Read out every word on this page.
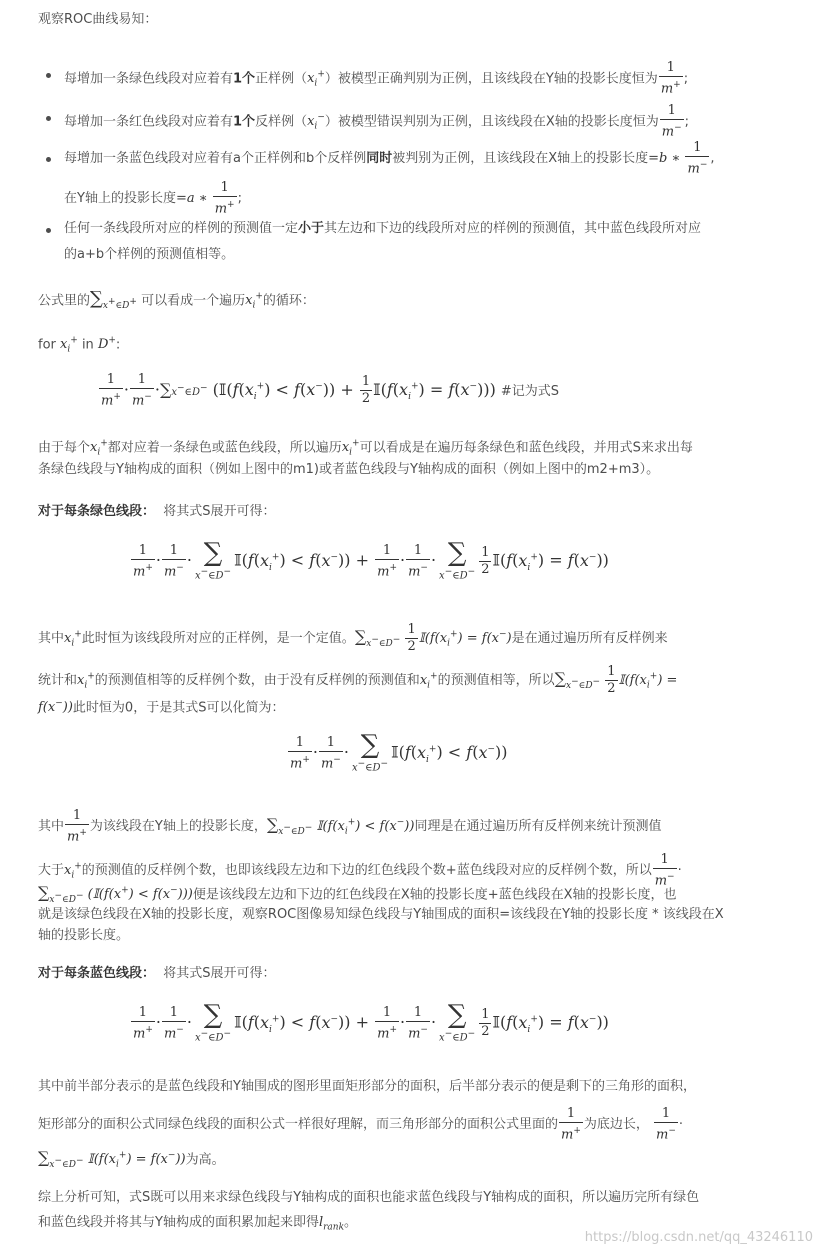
观察ROC曲线易知：
每增加一条绿色线段对应着有1个正样例$(x_i^+)$被模型正确判别为正例，且该线段在Y轴的投影长度恒为 $\frac{1}{m^+}$ ;
每增加一条红色线段对应着有1个反样例$(x_i^-)$被模型错误判别为正例，且该线段在X轴的投影长度恒为 $\frac{1}{m^-}$ ;
每增加一条蓝色线段对应着有a个正样例和b个反样例同时被判别为正例，且该线段在X轴上的投影长度=b ∗ $\frac{1}{m^-}$ ,
在Y轴上的投影长度=a ∗ $\frac{1}{m^+}$ ;
任何一条线段所对应的样例的预测值一定小于其左边和下边的线段所对应的样例的预测值，其中蓝色线段所对应
的a+b个样例的预测值相等。
公式里的$\sum_{x^+\in D^+}$ 可以看成一个遍历$x_i^+$的循环：
for $x_i^+$ in D+:
$\frac{1}{m^+} \cdot \frac{1}{m^-}$ ·∑x−∈D− ($𝕀(f(x_i^+) < f(x^-)) + \frac{1}{2}$ $𝕀(f(x_i^+) = f(x^-))$) #记为式S
由于每个$x_i^+$都对应着一条绿色或蓝色线段，所以遍历$x_i^+$可以看成是在遍历每条绿色和蓝色线段，并用式S来求出每
条绿色线段与Y轴构成的面积（例如上图中的m1)或者蓝色线段与Y轴构成的面积（例如上图中的m2+m3）。
对于每条绿色线段： 将其式S展开可得：
$\frac{1}{m^+} \cdot \frac{1}{m^-}$ · ∑
x−∈D−
$𝕀(f(x_i^+) < f(x^-)) + \frac{1}{m^+} \cdot \frac{1}{m^-}$ · ∑
x−∈D− $\frac{1}{2}$ $𝕀(f(x_i^+) = f(x^-))$
其中$x_i^+$此时恒为该线段所对应的正样例，是一个定值。$\sum_{x^-\in D^-} \frac{1}{2}$ $𝕀(f(x_i^+) = f(x^-)$是在通过遍历所有反样例来
统计和$x_i^+$的预测值相等的反样例个数，由于没有反样例的预测值和$x_i^+$的预测值相等，所以$\sum_{x^-\in D^-} \frac{1}{2}$ $𝕀(f(x_i^+)$ =
f(x−))此时恒为0，于是其式S可以化简为：
$\frac{1}{m^+} \cdot \frac{1}{m^-}$ · ∑
x−∈D−
$𝕀(f(x_i^+) < f(x^-))$
其中 $\frac{1}{m^+}$ 为该线段在Y轴上的投影长度，$\sum_{x^-\in D^-}$ $𝕀(f(x_i^+) < f(x^-))$同理是在通过遍历所有反样例来统计预测值
大于$x_i^+$的预测值的反样例个数，也即该线段左边和下边的红色线段个数+蓝色线段对应的反样例个数，所以 $\frac{1}{m^-}$ ·
$\sum_{x^-\in D^-}$ (𝕀(f(x+) < f(x−)))便是该线段左边和下边的红色线段在X轴的投影长度+蓝色线段在X轴的投影长度，也
就是该绿色线段在X轴的投影长度，观察ROC图像易知绿色线段与Y轴围成的面积=该线段在Y轴的投影长度 * 该线段在X
轴的投影长度。
对于每条蓝色线段： 将其式S展开可得：
$\frac{1}{m^+} \cdot \frac{1}{m^-}$ · ∑
x−∈D−
$𝕀(f(x_i^+) < f(x^-)) + \frac{1}{m^+} \cdot \frac{1}{m^-}$ · ∑
x−∈D− $\frac{1}{2}$ $𝕀(f(x_i^+) = f(x^-))$
其中前半部分表示的是蓝色线段和Y轴围成的图形里面矩形部分的面积，后半部分表示的便是剩下的三角形的面积，
矩形部分的面积公式同绿色线段的面积公式一样很好理解，而三角形部分的面积公式里面的 $\frac{1}{m^+}$ 为底边长， $\frac{1}{m^-}$ ·
$\sum_{x^-\in D^-}$ $𝕀(f(x_i^+) = f(x^-))$为高。
综上分析可知，式S既可以用来求绿色线段与Y轴构成的面积也能求蓝色线段与Y轴构成的面积，所以遍历完所有绿色
和蓝色线段并将其与Y轴构成的面积累加起来即得$l_{rank}$。
https://blog.csdn.net/qq_43246110
